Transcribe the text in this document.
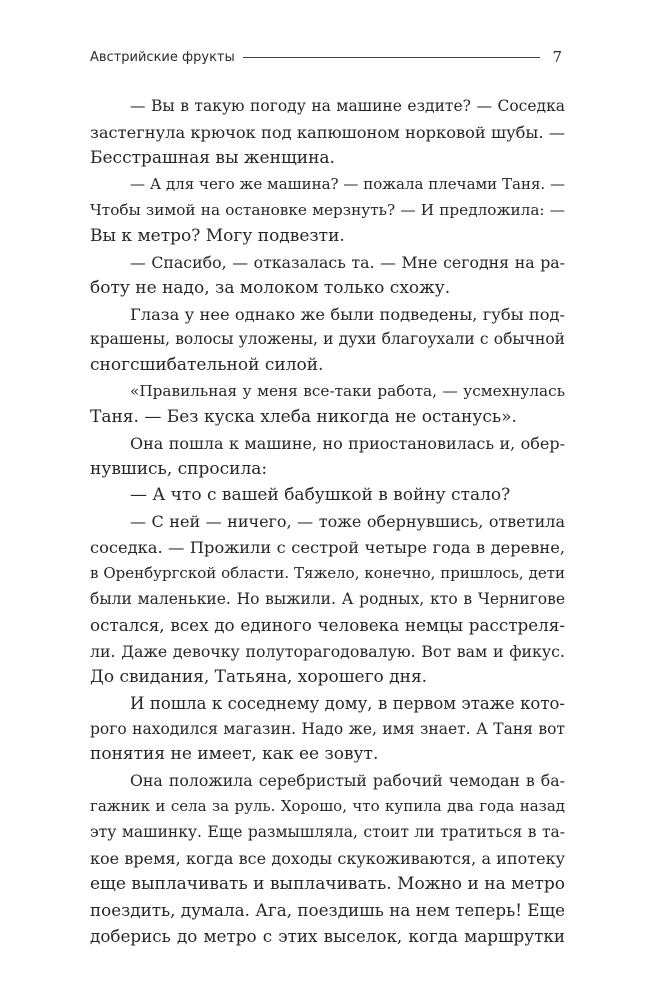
Австрийские фрукты	7
— Вы в такую погоду на машине ездите? — Соседка
застегнула крючок под капюшоном норковой шубы. —
Бесстрашная вы женщина.
— А для чего же машина? — пожала плечами Таня. —
Чтобы зимой на остановке мерзнуть? — И предложила: —
Вы к метро? Могу подвезти.
— Спасибо, — отказалась та. — Мне сегодня на ра-
боту не надо, за молоком только схожу.
Глаза у нее однако же были подведены, губы под-
крашены, волосы уложены, и духи благоухали с обычной
сногсшибательной силой.
«Правильная у меня все-таки работа, — усмехнулась
Таня. — Без куска хлеба никогда не останусь».
Она пошла к машине, но приостановилась и, обер-
нувшись, спросила:
— А что с вашей бабушкой в войну стало?
— С ней — ничего, — тоже обернувшись, ответила
соседка. — Прожили с сестрой четыре года в деревне,
в Оренбургской области. Тяжело, конечно, пришлось, дети
были маленькие. Но выжили. А родных, кто в Чернигове
остался, всех до единого человека немцы расстреля-
ли. Даже девочку полуторагодовалую. Вот вам и фикус.
До свидания, Татьяна, хорошего дня.
И пошла к соседнему дому, в первом этаже кото-
рого находился магазин. Надо же, имя знает. А Таня вот
понятия не имеет, как ее зовут.
Она положила серебристый рабочий чемодан в ба-
гажник и села за руль. Хорошо, что купила два года назад
эту машинку. Еще размышляла, стоит ли тратиться в та-
кое время, когда все доходы скукоживаются, а ипотеку
еще выплачивать и выплачивать. Можно и на метро
поездить, думала. Ага, поездишь на нем теперь! Еще
доберись до метро с этих выселок, когда маршрутки
